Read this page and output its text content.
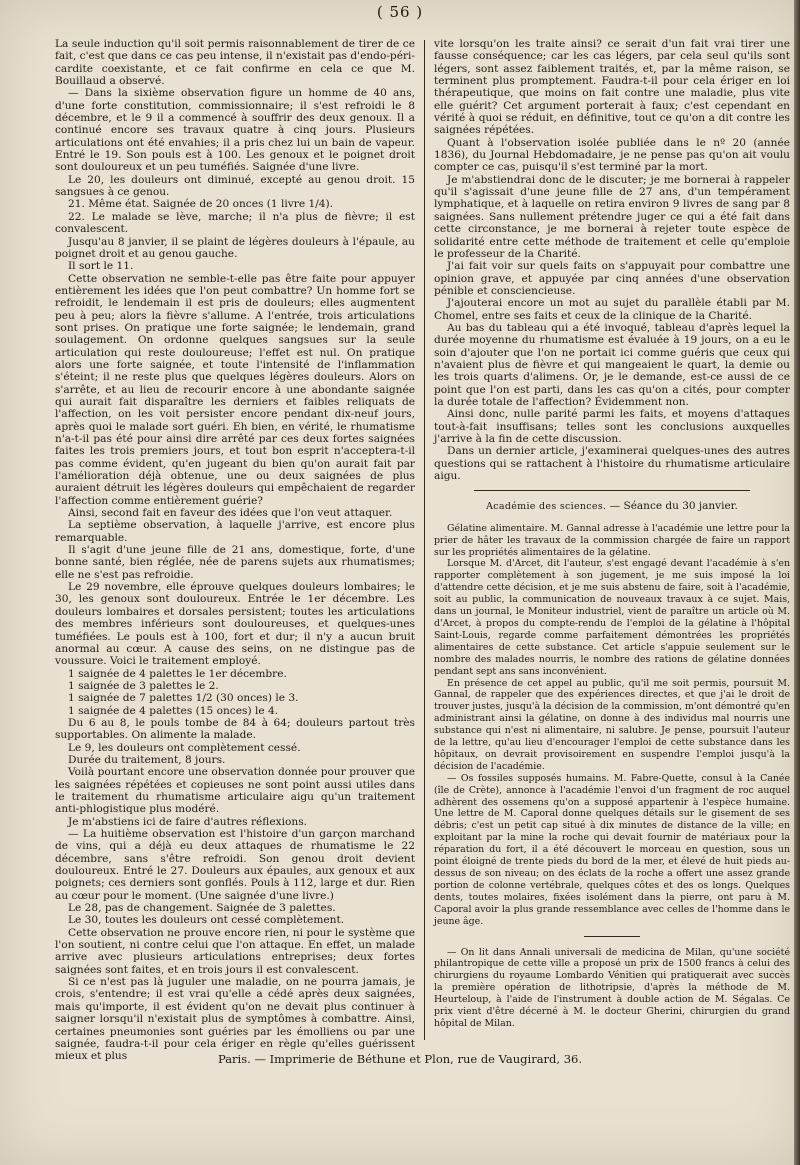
( 56 )

La seule induction qu'il soit permis raisonnablement de tirer de ce fait, c'est que dans ce cas peu intense, il n'existait pas d'endo-péri-cardite coexistante, et ce fait confirme en cela ce que M. Bouillaud a observé.

— Dans la sixième observation figure un homme de 40 ans, d'une forte constitution, commissionnaire; il s'est refroidi le 8 décembre, et le 9 il a commencé à souffrir des deux genoux. Il a continué encore ses travaux quatre à cinq jours. Plusieurs articulations ont été envahies; il a pris chez lui un bain de vapeur. Entré le 19. Son pouls est à 100. Les genoux et le poignet droit sont douloureux et un peu tuméfiés. Saignée d'une livre.

Le 20, les douleurs ont diminué, excepté au genou droit. 15 sangsues à ce genou.

21. Même état. Saignée de 20 onces (1 livre 1/4).

22. Le malade se lève, marche; il n'a plus de fièvre; il est convalescent.

Jusqu'au 8 janvier, il se plaint de légères douleurs à l'épaule, au poignet droit et au genou gauche.

Il sort le 11.

Cette observation ne semble-t-elle pas être faite pour appuyer entièrement les idées que l'on peut combattre? Un homme fort se refroidit, le lendemain il est pris de douleurs; elles augmentent peu à peu; alors la fièvre s'allume. A l'entrée, trois articulations sont prises. On pratique une forte saignée; le lendemain, grand soulagement. On ordonne quelques sangsues sur la seule articulation qui reste douloureuse; l'effet est nul. On pratique alors une forte saignée, et toute l'intensité de l'inflammation s'éteint; il ne reste plus que quelques légères douleurs. Alors on s'arrête, et au lieu de recourir encore à une abondante saignée qui aurait fait disparaître les derniers et faibles reliquats de l'affection, on les voit persister encore pendant dix-neuf jours, après quoi le malade sort guéri. Eh bien, en vérité, le rhumatisme n'a-t-il pas été pour ainsi dire arrêté par ces deux fortes saignées faites les trois premiers jours, et tout bon esprit n'acceptera-t-il pas comme évident, qu'en jugeant du bien qu'on aurait fait par l'amélioration déjà obtenue, une ou deux saignées de plus auraient détruit les légères douleurs qui empêchaient de regarder l'affection comme entièrement guérie?

Ainsi, second fait en faveur des idées que l'on veut attaquer.

La septième observation, à laquelle j'arrive, est encore plus remarquable.

Il s'agit d'une jeune fille de 21 ans, domestique, forte, d'une bonne santé, bien réglée, née de parens sujets aux rhumatismes; elle ne s'est pas refroidie.

Le 29 novembre, elle éprouve quelques douleurs lombaires; le 30, les genoux sont douloureux. Entrée le 1er décembre. Les douleurs lombaires et dorsales persistent; toutes les articulations des membres inférieurs sont douloureuses, et quelques-unes tuméfiées. Le pouls est à 100, fort et dur; il n'y a aucun bruit anormal au cœur. A cause des seins, on ne distingue pas de voussure. Voici le traitement employé.

1 saignée de 4 palettes le 1er décembre.

1 saignée de 3 palettes le 2.

1 saignée de 7 palettes 1/2 (30 onces) le 3.

1 saignée de 4 palettes (15 onces) le 4.

Du 6 au 8, le pouls tombe de 84 à 64; douleurs partout très supportables. On alimente la malade.

Le 9, les douleurs ont complètement cessé.

Durée du traitement, 8 jours.

Voilà pourtant encore une observation donnée pour prouver que les saignées répétées et copieuses ne sont point aussi utiles dans le traitement du rhumatisme articulaire aigu qu'un traitement anti-phlogistique plus modéré.

Je m'abstiens ici de faire d'autres réflexions.

— La huitième observation est l'histoire d'un garçon marchand de vins, qui a déjà eu deux attaques de rhumatisme le 22 décembre, sans s'être refroidi. Son genou droit devient douloureux. Entré le 27. Douleurs aux épaules, aux genoux et aux poignets; ces derniers sont gonflés. Pouls à 112, large et dur. Rien au cœur pour le moment. (Une saignée d'une livre.)

Le 28, pas de changement. Saignée de 3 palettes.

Le 30, toutes les douleurs ont cessé complètement.

Cette observation ne prouve encore rien, ni pour le système que l'on soutient, ni contre celui que l'on attaque. En effet, un malade arrive avec plusieurs articulations entreprises; deux fortes saignées sont faites, et en trois jours il est convalescent.

Si ce n'est pas là juguler une maladie, on ne pourra jamais, je crois, s'entendre; il est vrai qu'elle a cédé après deux saignées, mais qu'importe, il est évident qu'on ne devait plus continuer à saigner lorsqu'il n'existait plus de symptômes à combattre. Ainsi, certaines pneumonies sont guéries par les émolliens ou par une saignée, faudra-t-il pour cela ériger en règle qu'elles guérissent mieux et plus

vite lorsqu'on les traite ainsi? ce serait d'un fait vrai tirer une fausse conséquence; car les cas légers, par cela seul qu'ils sont légers, sont assez faiblement traités, et, par la même raison, se terminent plus promptement. Faudra-t-il pour cela ériger en loi thérapeutique, que moins on fait contre une maladie, plus vite elle guérit? Cet argument porterait à faux; c'est cependant en vérité à quoi se réduit, en définitive, tout ce qu'on a dit contre les saignées répétées.

Quant à l'observation isolée publiée dans le nº 20 (année 1836), du Journal Hebdomadaire, je ne pense pas qu'on ait voulu compter ce cas, puisqu'il s'est terminé par la mort.

Je m'abstiendrai donc de le discuter; je me bornerai à rappeler qu'il s'agissait d'une jeune fille de 27 ans, d'un tempérament lymphatique, et à laquelle on retira environ 9 livres de sang par 8 saignées. Sans nullement prétendre juger ce qui a été fait dans cette circonstance, je me bornerai à rejeter toute espèce de solidarité entre cette méthode de traitement et celle qu'emploie le professeur de la Charité.

J'ai fait voir sur quels faits on s'appuyait pour combattre une opinion grave, et appuyée par cinq années d'une observation pénible et consciencieuse.

J'ajouterai encore un mot au sujet du parallèle établi par M. Chomel, entre ses faits et ceux de la clinique de la Charité.

Au bas du tableau qui a été invoqué, tableau d'après lequel la durée moyenne du rhumatisme est évaluée à 19 jours, on a eu le soin d'ajouter que l'on ne portait ici comme guéris que ceux qui n'avaient plus de fièvre et qui mangeaient le quart, la demie ou les trois quarts d'alimens. Or, je le demande, est-ce aussi de ce point que l'on est parti, dans les cas qu'on a cités, pour compter la durée totale de l'affection? Évidemment non.

Ainsi donc, nulle parité parmi les faits, et moyens d'attaques tout-à-fait insuffisans; telles sont les conclusions auxquelles j'arrive à la fin de cette discussion.

Dans un dernier article, j'examinerai quelques-unes des autres questions qui se rattachent à l'histoire du rhumatisme articulaire aigu.

Académie des sciences. — Séance du 30 janvier.

Gélatine alimentaire. M. Gannal adresse à l'académie une lettre pour la prier de hâter les travaux de la commission chargée de faire un rapport sur les propriétés alimentaires de la gélatine.

Lorsque M. d'Arcet, dit l'auteur, s'est engagé devant l'académie à s'en rapporter complètement à son jugement, je me suis imposé la loi d'attendre cette décision, et je me suis abstenu de faire, soit à l'académie, soit au public, la communication de nouveaux travaux à ce sujet. Mais, dans un journal, le Moniteur industriel, vient de paraître un article où M. d'Arcet, à propos du compte-rendu de l'emploi de la gélatine à l'hôpital Saint-Louis, regarde comme parfaitement démontrées les propriétés alimentaires de cette substance. Cet article s'appuie seulement sur le nombre des malades nourris, le nombre des rations de gélatine données pendant sept ans sans inconvénient.

En présence de cet appel au public, qu'il me soit permis, poursuit M. Gannal, de rappeler que des expériences directes, et que j'ai le droit de trouver justes, jusqu'à la décision de la commission, m'ont démontré qu'en administrant ainsi la gélatine, on donne à des individus mal nourris une substance qui n'est ni alimentaire, ni salubre. Je pense, poursuit l'auteur de la lettre, qu'au lieu d'encourager l'emploi de cette substance dans les hôpitaux, on devrait provisoirement en suspendre l'emploi jusqu'à la décision de l'académie.

— Os fossiles supposés humains. M. Fabre-Quette, consul à la Canée (île de Crète), annonce à l'académie l'envoi d'un fragment de roc auquel adhèrent des ossemens qu'on a supposé appartenir à l'espèce humaine. Une lettre de M. Caporal donne quelques détails sur le gisement de ses débris; c'est un petit cap situé à dix minutes de distance de la ville; en exploitant par la mine la roche qui devait fournir de matériaux pour la réparation du fort, il a été découvert le morceau en question, sous un point éloigné de trente pieds du bord de la mer, et élevé de huit pieds au-dessus de son niveau; on des éclats de la roche a offert une assez grande portion de colonne vertébrale, quelques côtes et des os longs. Quelques dents, toutes molaires, fixées isolément dans la pierre, ont paru à M. Caporal avoir la plus grande ressemblance avec celles de l'homme dans le jeune âge.

— On lit dans Annali universali de medicina de Milan, qu'une société philantropique de cette ville a proposé un prix de 1500 francs à celui des chirurgiens du royaume Lombardo Vénitien qui pratiquerait avec succès la première opération de lithotripsie, d'après la méthode de M. Heurteloup, à l'aide de l'instrument à double action de M. Ségalas. Ce prix vient d'être décerné à M. le docteur Gherini, chirurgien du grand hôpital de Milan.

Paris. — Imprimerie de Béthune et Plon, rue de Vaugirard, 36.
